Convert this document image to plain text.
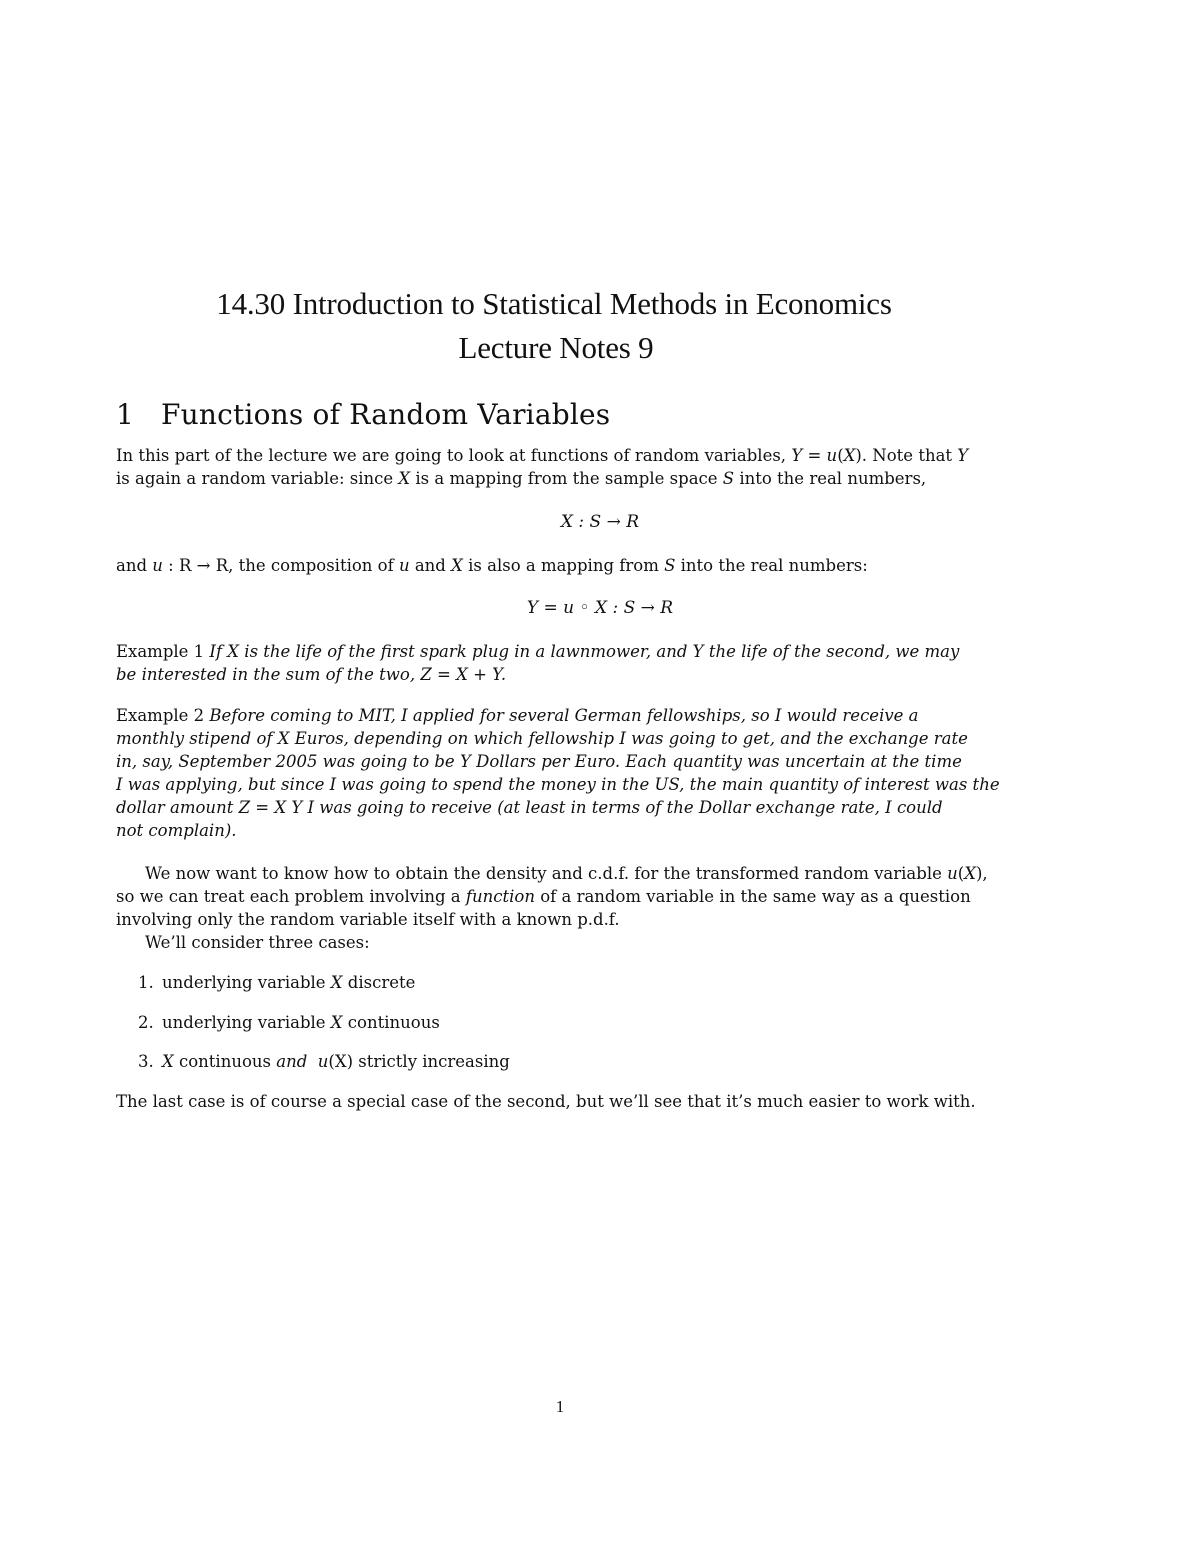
14.30 Introduction to Statistical Methods in Economics
Lecture Notes 9
1 Functions of Random Variables
In this part of the lecture we are going to look at functions of random variables, Y = u(X). Note that Y
is again a random variable: since X is a mapping from the sample space S into the real numbers,
X : S → R
and u : R → R, the composition of u and X is also a mapping from S into the real numbers:
Y = u ◦ X : S → R
Example 1 If X is the life of the first spark plug in a lawnmower, and Y the life of the second, we may
be interested in the sum of the two, Z = X + Y.
Example 2 Before coming to MIT, I applied for several German fellowships, so I would receive a
monthly stipend of X Euros, depending on which fellowship I was going to get, and the exchange rate
in, say, September 2005 was going to be Y Dollars per Euro. Each quantity was uncertain at the time
I was applying, but since I was going to spend the money in the US, the main quantity of interest was the
dollar amount Z = X Y I was going to receive (at least in terms of the Dollar exchange rate, I could
not complain).
We now want to know how to obtain the density and c.d.f. for the transformed random variable u(X),
so we can treat each problem involving a function of a random variable in the same way as a question
involving only the random variable itself with a known p.d.f.
We’ll consider three cases:
1. underlying variable X discrete
2. underlying variable X continuous
3. X continuous and u(X) strictly increasing
The last case is of course a special case of the second, but we’ll see that it’s much easier to work with.
1
